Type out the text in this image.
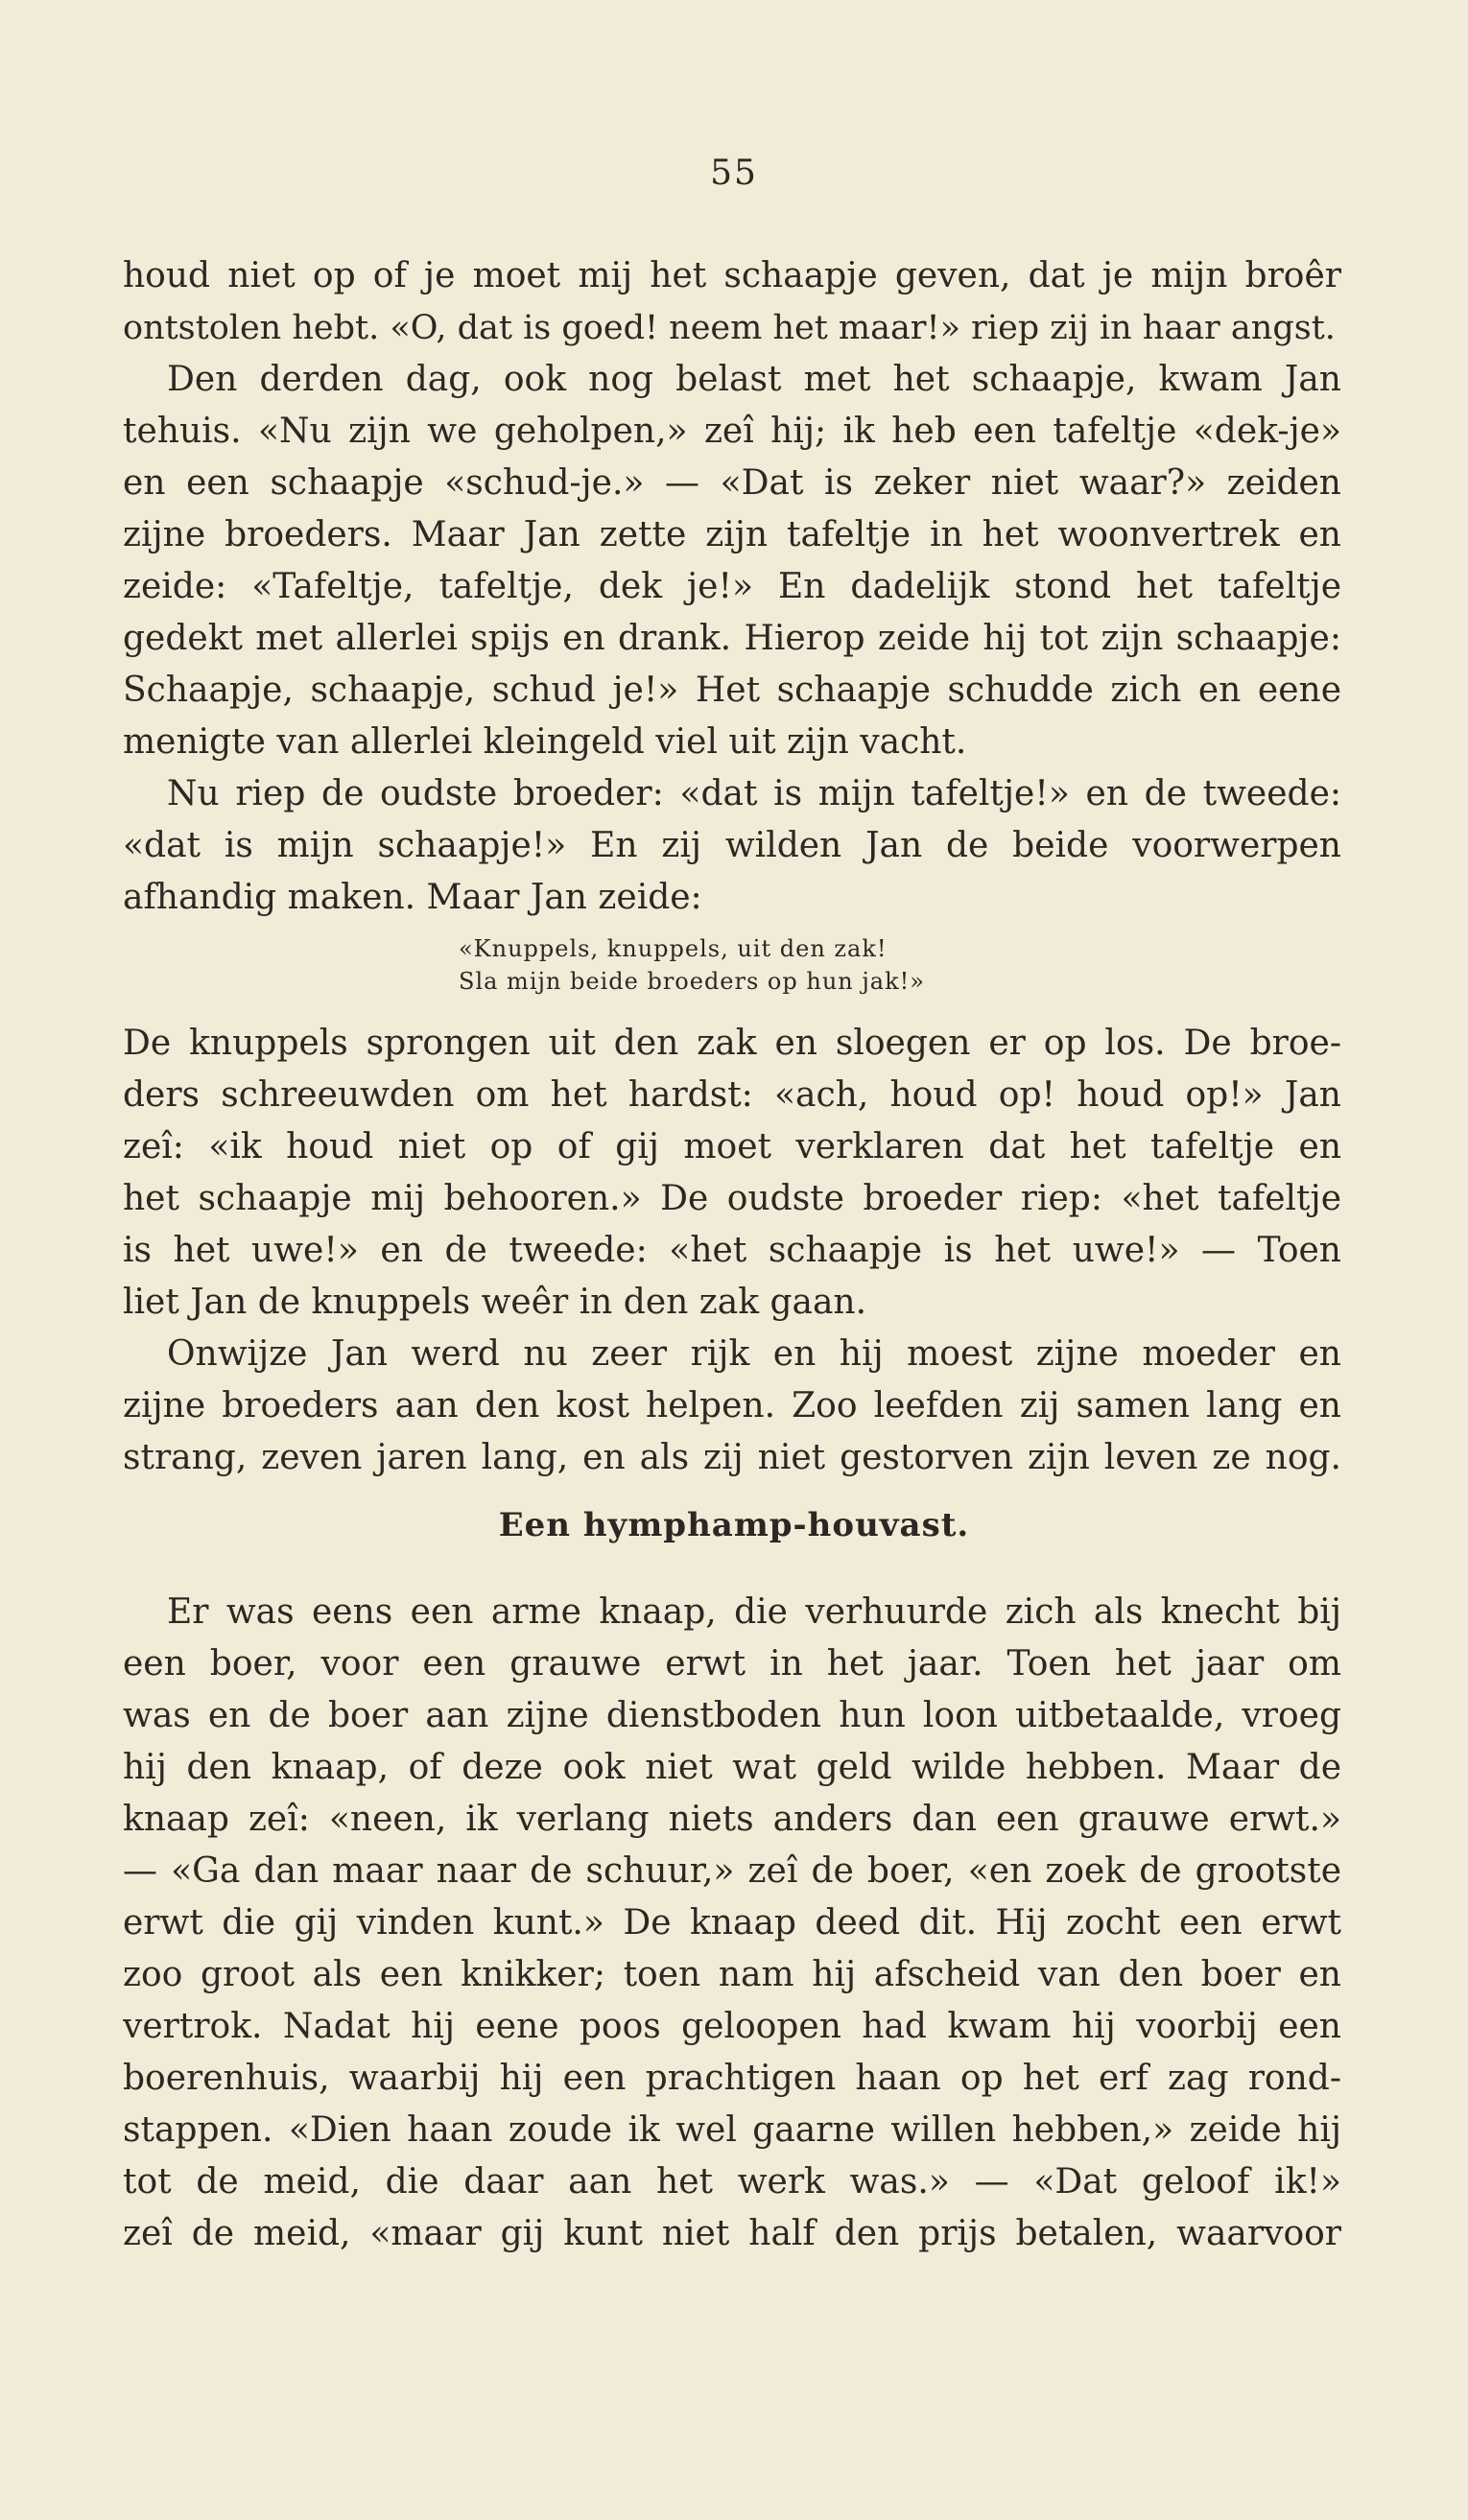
55
houd niet op of je moet mij het schaapje geven, dat je mijn broêr
ontstolen hebt. «O, dat is goed! neem het maar!» riep zij in haar angst.
Den derden dag, ook nog belast met het schaapje, kwam Jan
tehuis. «Nu zijn we geholpen,» zeî hij; ik heb een tafeltje «dek-je»
en een schaapje «schud-je.» — «Dat is zeker niet waar?» zeiden
zijne broeders. Maar Jan zette zijn tafeltje in het woonvertrek en
zeide: «Tafeltje, tafeltje, dek je!» En dadelijk stond het tafeltje
gedekt met allerlei spijs en drank. Hierop zeide hij tot zijn schaapje:
Schaapje, schaapje, schud je!» Het schaapje schudde zich en eene
menigte van allerlei kleingeld viel uit zijn vacht.
Nu riep de oudste broeder: «dat is mijn tafeltje!» en de tweede:
«dat is mijn schaapje!» En zij wilden Jan de beide voorwerpen
afhandig maken. Maar Jan zeide:
«Knuppels, knuppels, uit den zak!
Sla mijn beide broeders op hun jak!»
De knuppels sprongen uit den zak en sloegen er op los. De broe-
ders schreeuwden om het hardst: «ach, houd op! houd op!» Jan
zeî: «ik houd niet op of gij moet verklaren dat het tafeltje en
het schaapje mij behooren.» De oudste broeder riep: «het tafeltje
is het uwe!» en de tweede: «het schaapje is het uwe!» — Toen
liet Jan de knuppels weêr in den zak gaan.
Onwijze Jan werd nu zeer rijk en hij moest zijne moeder en
zijne broeders aan den kost helpen. Zoo leefden zij samen lang en
strang, zeven jaren lang, en als zij niet gestorven zijn leven ze nog.
Een hymphamp-houvast.
Er was eens een arme knaap, die verhuurde zich als knecht bij
een boer, voor een grauwe erwt in het jaar. Toen het jaar om
was en de boer aan zijne dienstboden hun loon uitbetaalde, vroeg
hij den knaap, of deze ook niet wat geld wilde hebben. Maar de
knaap zeî: «neen, ik verlang niets anders dan een grauwe erwt.»
— «Ga dan maar naar de schuur,» zeî de boer, «en zoek de grootste
erwt die gij vinden kunt.» De knaap deed dit. Hij zocht een erwt
zoo groot als een knikker; toen nam hij afscheid van den boer en
vertrok. Nadat hij eene poos geloopen had kwam hij voorbij een
boerenhuis, waarbij hij een prachtigen haan op het erf zag rond-
stappen. «Dien haan zoude ik wel gaarne willen hebben,» zeide hij
tot de meid, die daar aan het werk was.» — «Dat geloof ik!»
zeî de meid, «maar gij kunt niet half den prijs betalen, waarvoor
